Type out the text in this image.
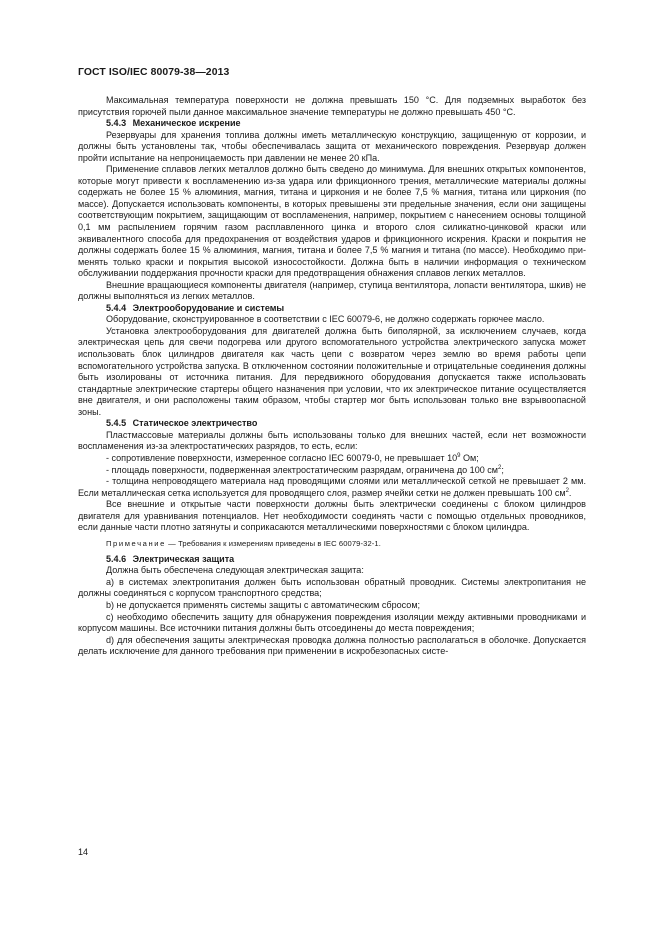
ГОСТ ISO/IEC 80079-38—2013

Максимальная температура поверхности не должна превышать 150 °С. Для подземных выработок без присутствия горючей пыли данное максимальное значение температуры не должно превышать 450 °С.

5.4.3 Механическое искрение

Резервуары для хранения топлива должны иметь металлическую конструкцию, защищенную от коррозии, и должны быть установлены так, чтобы обеспечивалась защита от механического повреждения. Резервуар должен пройти испытание на непроницаемость при давлении не менее 20 кПа.

Применение сплавов легких металлов должно быть сведено до минимума. Для внешних открытых компонентов, которые могут привести к воспламенению из-за удара или фрикционного трения, металлические материалы должны содержать не более 15 % алюминия, магния, титана и циркония и не более 7,5 % магния, титана или циркония (по массе). Допускается использовать компоненты, в которых превышены эти предельные значения, если они защищены соответствующим покрытием, защищающим от воспламенения, например, покрытием с нанесением основы толщиной 0,1 мм распылением горячим газом расплавленного цинка и второго слоя силикатно-цинковой краски или эквивалентного способа для предохранения от воздействия ударов и фрикционного искрения. Краски и покрытия не должны содержать более 15 % алюминия, магния, титана и более 7,5 % магния и титана (по массе). Необходимо применять только краски и покрытия высокой износостойкости. Должна быть в наличии информация о техническом обслуживании поддержания прочности краски для предотвращения обнажения сплавов легких металлов.

Внешние вращающиеся компоненты двигателя (например, ступица вентилятора, лопасти вентилятора, шкив) не должны выполняться из легких металлов.

5.4.4 Электрооборудование и системы

Оборудование, сконструированное в соответствии с IEC 60079-6, не должно содержать горючее масло.

Установка электрооборудования для двигателей должна быть биполярной, за исключением случаев, когда электрическая цепь для свечи подогрева или другого вспомогательного устройства электрического запуска может использовать блок цилиндров двигателя как часть цепи с возвратом через землю во время работы цепи вспомогательного устройства запуска. В отключенном состоянии положительные и отрицательные соединения должны быть изолированы от источника питания. Для передвижного оборудования допускается также использовать стандартные электрические стартеры общего назначения при условии, что их электрическое питание осуществляется вне двигателя, и они расположены таким образом, чтобы стартер мог быть использован только вне взрывоопасной зоны.

5.4.5 Статическое электричество

Пластмассовые материалы должны быть использованы только для внешних частей, если нет возможности воспламенения из-за электростатических разрядов, то есть, если:

- сопротивление поверхности, измеренное согласно IEC 60079-0, не превышает $10^9$ Ом;

- площадь поверхности, подверженная электростатическим разрядам, ограничена до 100 $см^2$;

- толщина непроводящего материала над проводящими слоями или металлической сеткой не превышает 2 мм. Если металлическая сетка используется для проводящего слоя, размер ячейки сетки не должен превышать 100 $см^2$.

Все внешние и открытые части поверхности должны быть электрически соединены с блоком цилиндров двигателя для уравнивания потенциалов. Нет необходимости соединять части с помощью отдельных проводников, если данные части плотно затянуты и соприкасаются металлическими поверхностями с блоком цилиндра.

Примечание — Требования к измерениям приведены в IEC 60079-32-1.

5.4.6 Электрическая защита

Должна быть обеспечена следующая электрическая защита:

а) в системах электропитания должен быть использован обратный проводник. Системы электропитания не должны соединяться с корпусом транспортного средства;

b) не допускается применять системы защиты с автоматическим сбросом;

с) необходимо обеспечить защиту для обнаружения повреждения изоляции между активными проводниками и корпусом машины. Все источники питания должны быть отсоединены до места повреждения;

d) для обеспечения защиты электрическая проводка должна полностью располагаться в оболочке. Допускается делать исключение для данного требования при применении в искробезопасных систе-

14
